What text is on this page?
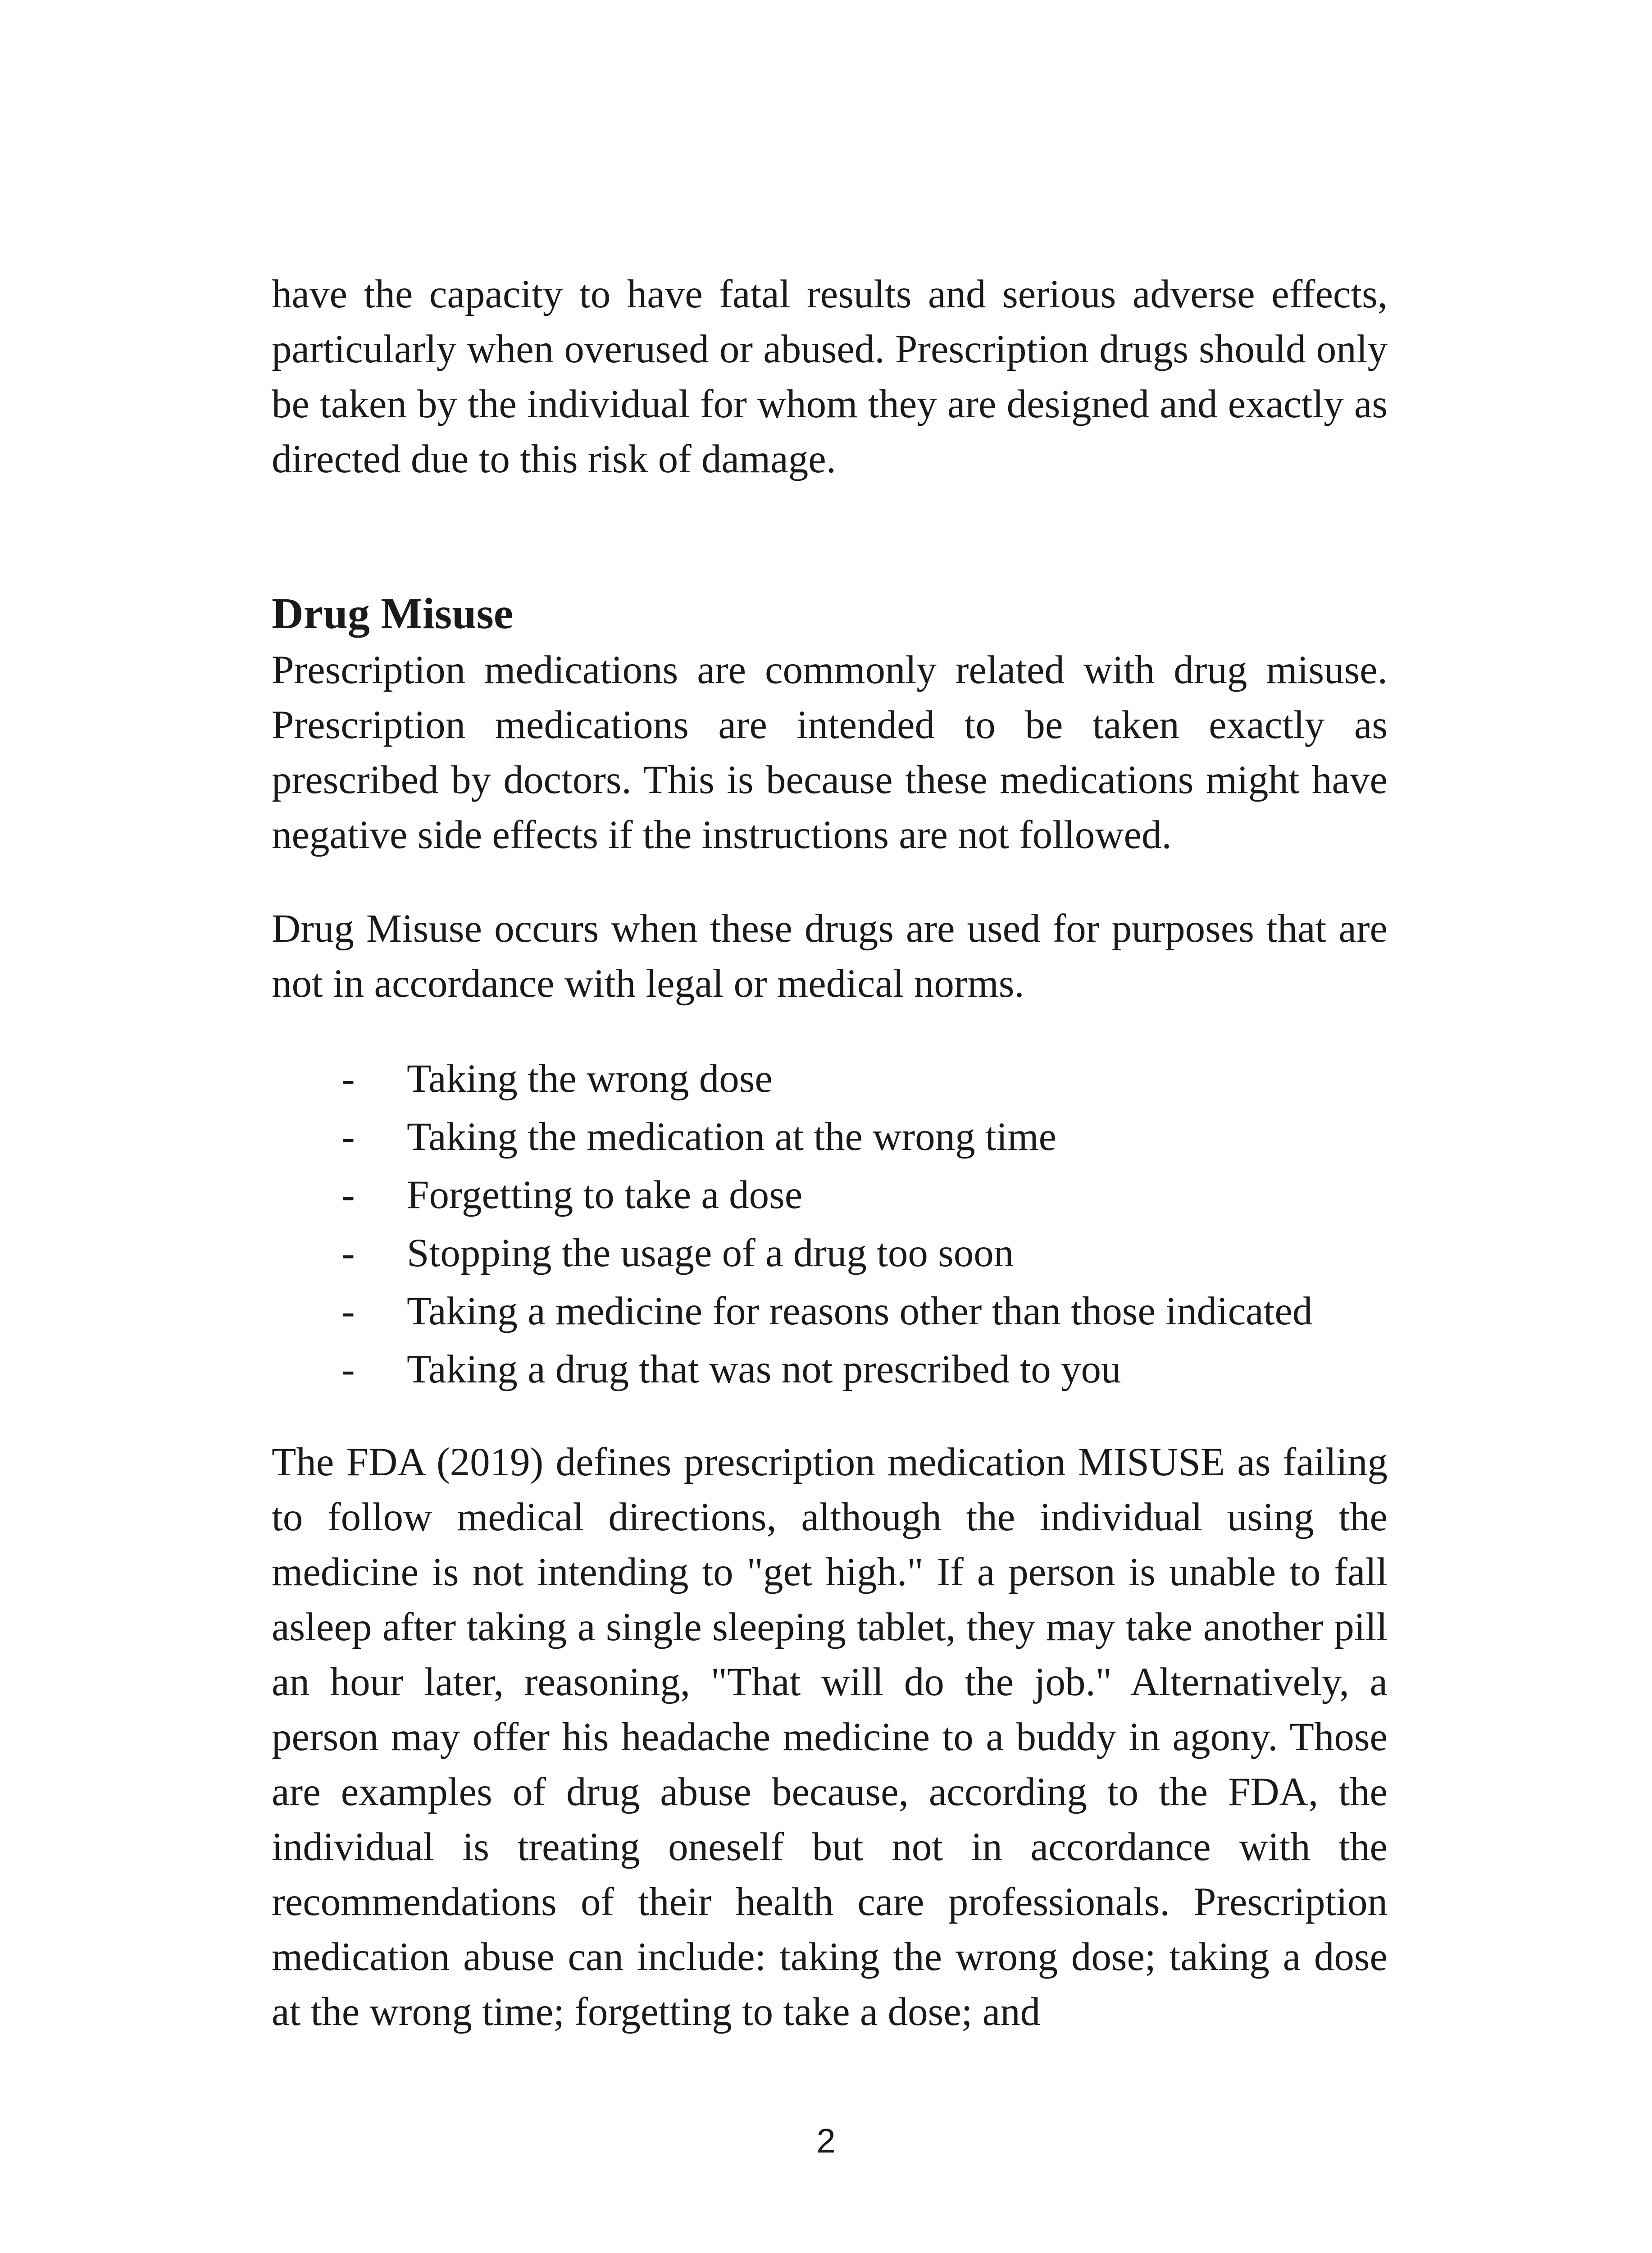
have the capacity to have fatal results and serious adverse effects, particularly when overused or abused. Prescription drugs should only be taken by the individual for whom they are designed and exactly as directed due to this risk of damage.

Drug Misuse

Prescription medications are commonly related with drug misuse. Prescription medications are intended to be taken exactly as prescribed by doctors. This is because these medications might have negative side effects if the instructions are not followed.

Drug Misuse occurs when these drugs are used for purposes that are not in accordance with legal or medical norms.

- Taking the wrong dose
- Taking the medication at the wrong time
- Forgetting to take a dose
- Stopping the usage of a drug too soon
- Taking a medicine for reasons other than those indicated
- Taking a drug that was not prescribed to you

The FDA (2019) defines prescription medication MISUSE as failing to follow medical directions, although the individual using the medicine is not intending to "get high." If a person is unable to fall asleep after taking a single sleeping tablet, they may take another pill an hour later, reasoning, "That will do the job." Alternatively, a person may offer his headache medicine to a buddy in agony. Those are examples of drug abuse because, according to the FDA, the individual is treating oneself but not in accordance with the recommendations of their health care professionals. Prescription medication abuse can include: taking the wrong dose; taking a dose at the wrong time; forgetting to take a dose; and

2
